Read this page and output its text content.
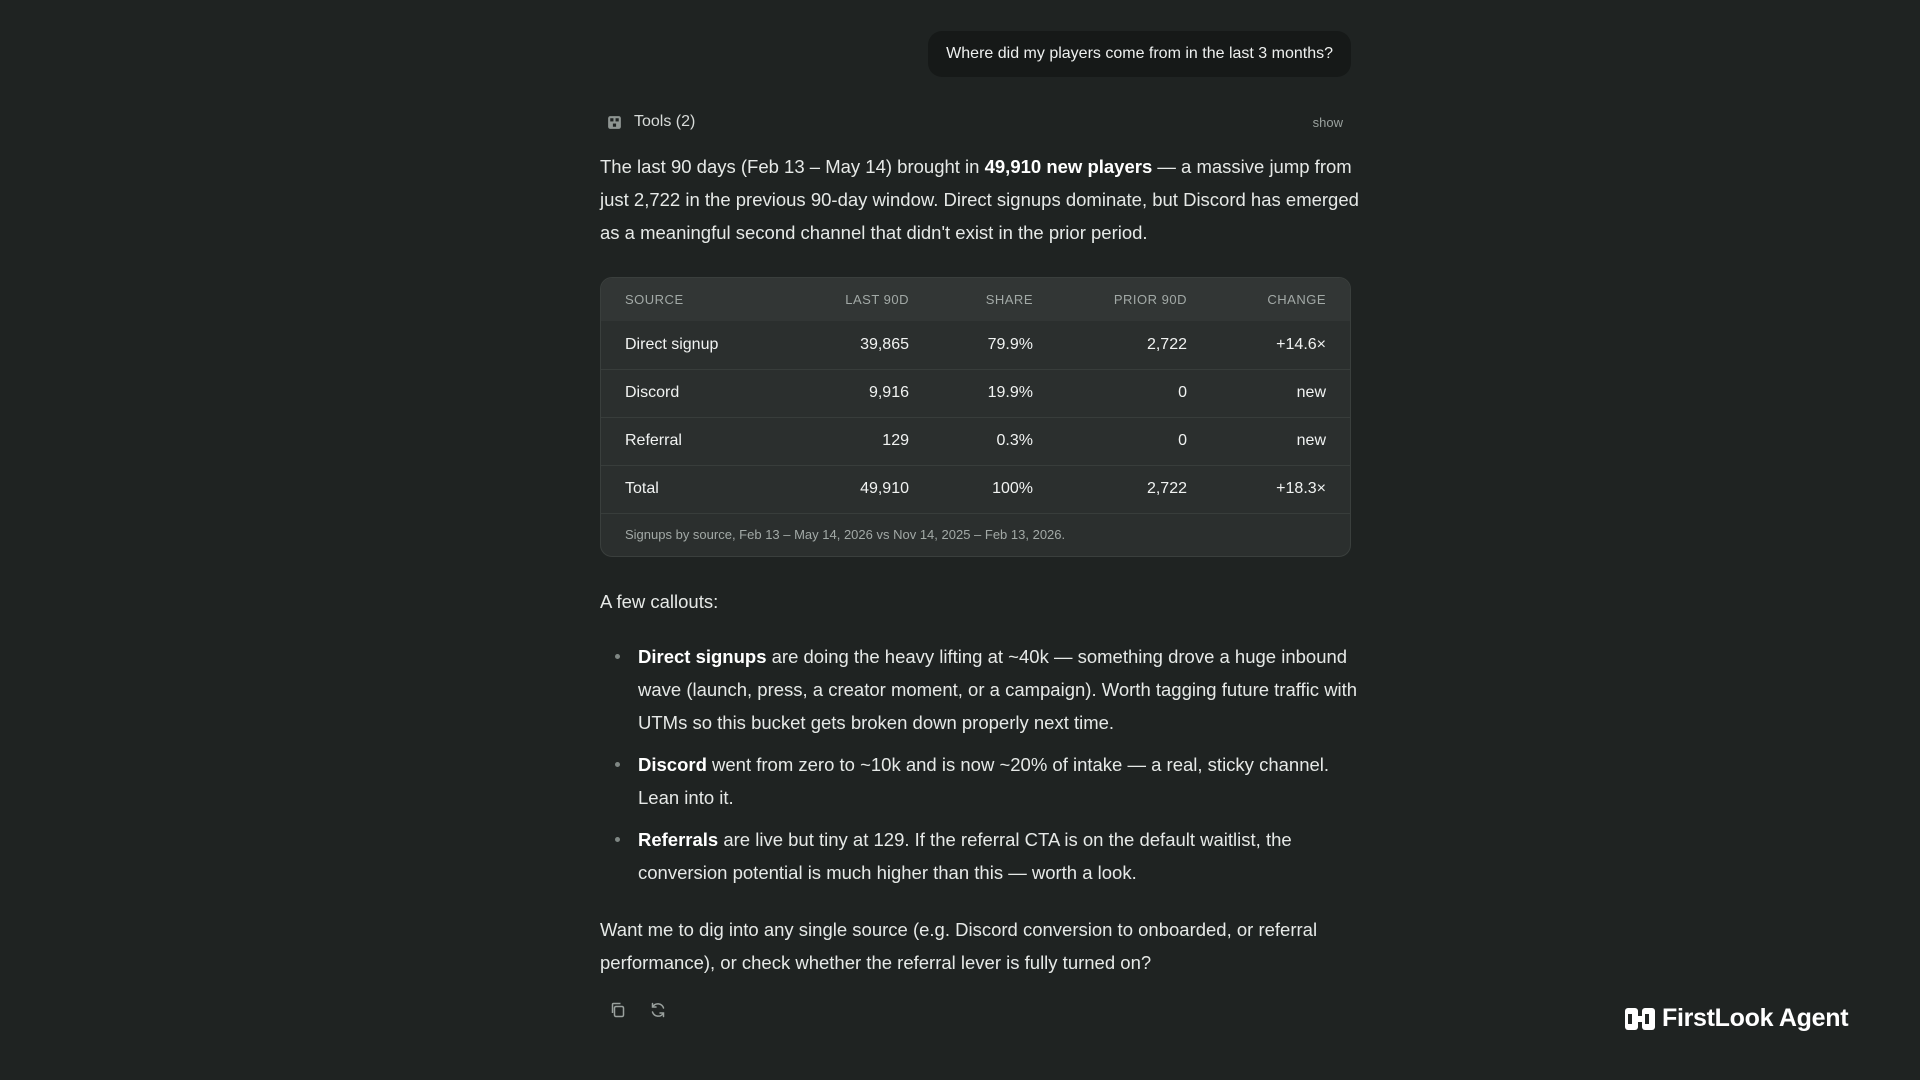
Where did my players come from in the last 3 months?
Tools (2)	show
The last 90 days (Feb 13 – May 14) brought in 49,910 new players — a massive jump from just 2,722 in the previous 90-day window. Direct signups dominate, but Discord has emerged as a meaningful second channel that didn't exist in the prior period.
SOURCE	LAST 90D	SHARE	PRIOR 90D	CHANGE
Direct signup	39,865	79.9%	2,722	+14.6×
Discord	9,916	19.9%	0	new
Referral	129	0.3%	0	new
Total	49,910	100%	2,722	+18.3×
Signups by source, Feb 13 – May 14, 2026 vs Nov 14, 2025 – Feb 13, 2026.
A few callouts:
Direct signups are doing the heavy lifting at ~40k — something drove a huge inbound wave (launch, press, a creator moment, or a campaign). Worth tagging future traffic with UTMs so this bucket gets broken down properly next time.
Discord went from zero to ~10k and is now ~20% of intake — a real, sticky channel. Lean into it.
Referrals are live but tiny at 129. If the referral CTA is on the default waitlist, the conversion potential is much higher than this — worth a look.
Want me to dig into any single source (e.g. Discord conversion to onboarded, or referral performance), or check whether the referral lever is fully turned on?
FirstLook Agent
